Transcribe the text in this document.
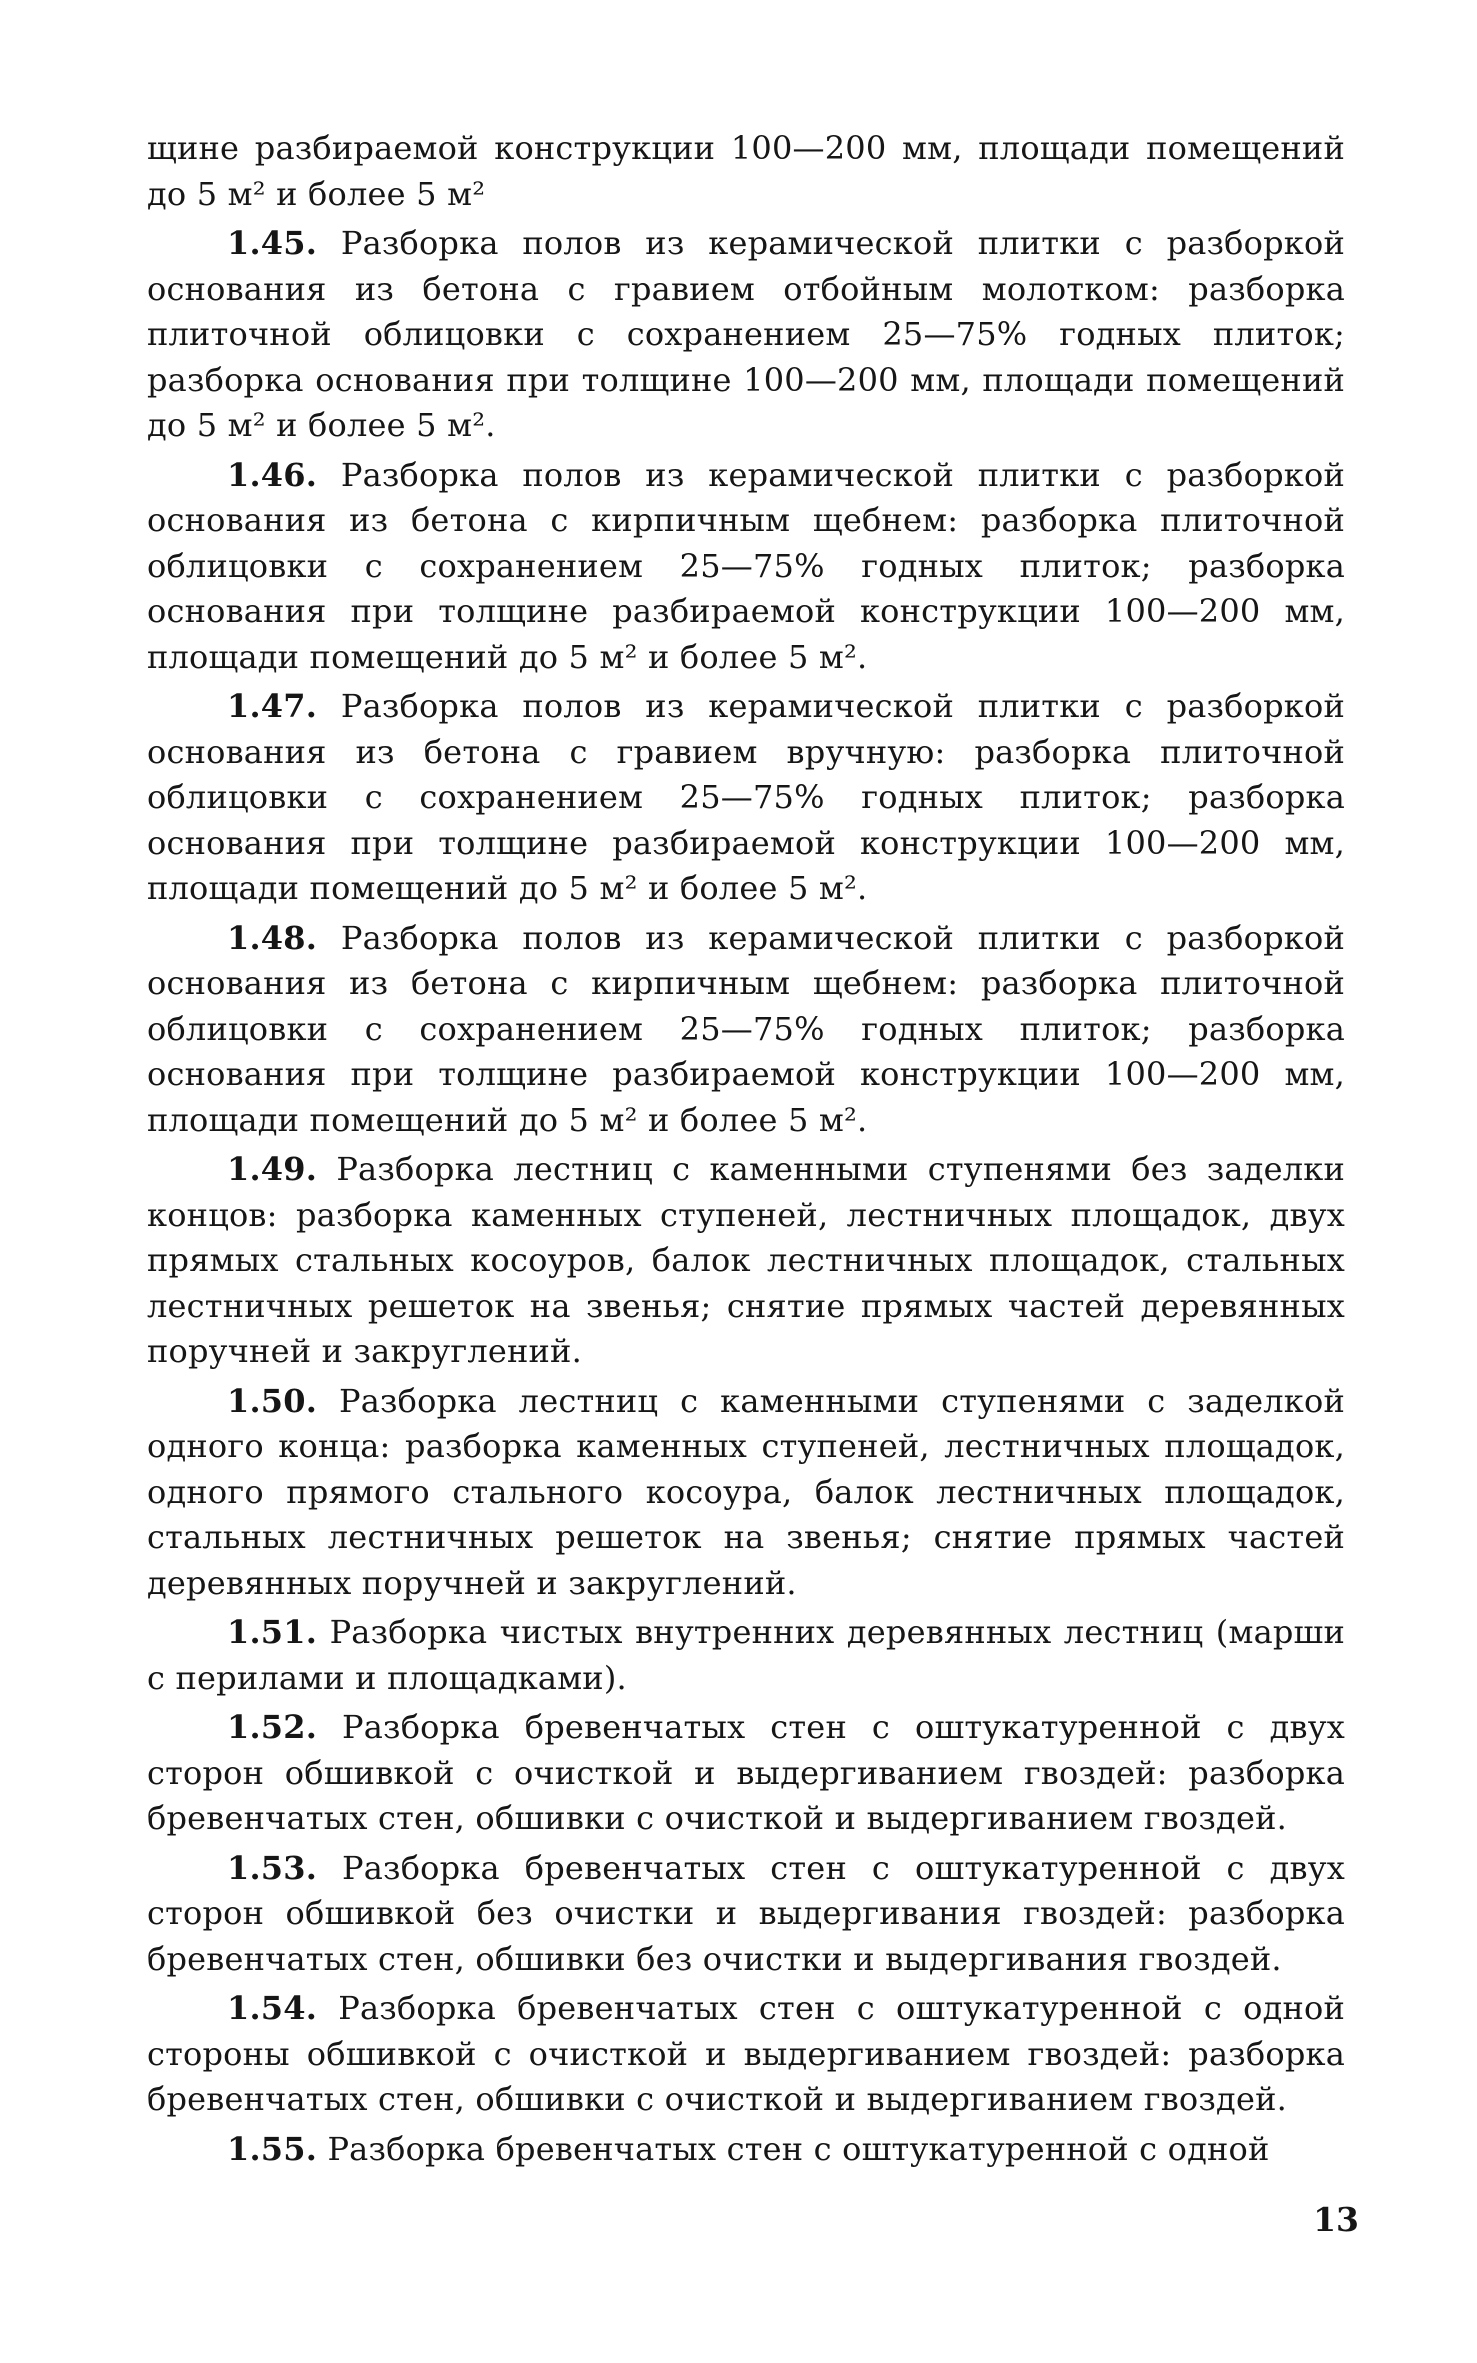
щине разбираемой конструкции 100—200 мм, площади помещений до 5 м² и более 5 м²

1.45. Разборка полов из керамической плитки с разборкой основания из бетона с гравием отбойным молотком: разборка плиточной облицовки с сохранением 25—75% годных плиток; разборка основания при толщине 100—200 мм, площади помещений до 5 м² и более 5 м².

1.46. Разборка полов из керамической плитки с разборкой основания из бетона с кирпичным щебнем: разборка плиточной облицовки с сохранением 25—75% годных плиток; разборка основания при толщине разбираемой конструкции 100—200 мм, площади помещений до 5 м² и более 5 м².

1.47. Разборка полов из керамической плитки с разборкой основания из бетона с гравием вручную: разборка плиточной облицовки с сохранением 25—75% годных плиток; разборка основания при толщине разбираемой конструкции 100—200 мм, площади помещений до 5 м² и более 5 м².

1.48. Разборка полов из керамической плитки с разборкой основания из бетона с кирпичным щебнем: разборка плиточной облицовки с сохранением 25—75% годных плиток; разборка основания при толщине разбираемой конструкции 100—200 мм, площади помещений до 5 м² и более 5 м².

1.49. Разборка лестниц с каменными ступенями без заделки концов: разборка каменных ступеней, лестничных площадок, двух прямых стальных косоуров, балок лестничных площадок, стальных лестничных решеток на звенья; снятие прямых частей деревянных поручней и закруглений.

1.50. Разборка лестниц с каменными ступенями с заделкой одного конца: разборка каменных ступеней, лестничных площадок, одного прямого стального косоура, балок лестничных площадок, стальных лестничных решеток на звенья; снятие прямых частей деревянных поручней и закруглений.

1.51. Разборка чистых внутренних деревянных лестниц (марши с перилами и площадками).

1.52. Разборка бревенчатых стен с оштукатуренной с двух сторон обшивкой с очисткой и выдергиванием гвоздей: разборка бревенчатых стен, обшивки с очисткой и выдергиванием гвоздей.

1.53. Разборка бревенчатых стен с оштукатуренной с двух сторон обшивкой без очистки и выдергивания гвоздей: разборка бревенчатых стен, обшивки без очистки и выдергивания гвоздей.

1.54. Разборка бревенчатых стен с оштукатуренной с одной стороны обшивкой с очисткой и выдергиванием гвоздей: разборка бревенчатых стен, обшивки с очисткой и выдергиванием гвоздей.

1.55. Разборка бревенчатых стен с оштукатуренной с одной

13
